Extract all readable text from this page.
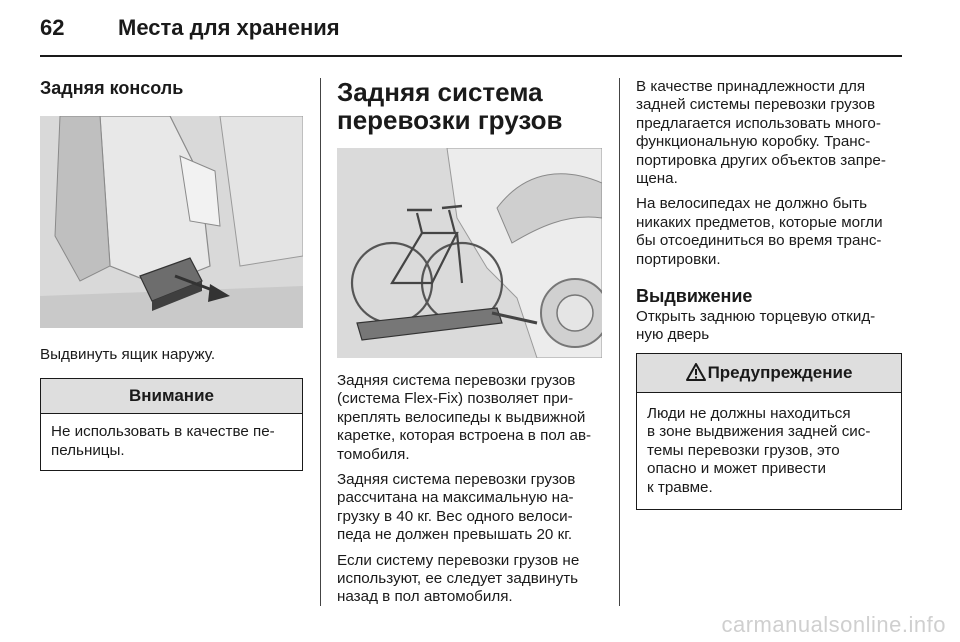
62 Места для хранения
Задняя консоль
Выдвинуть ящик наружу.
Внимание
Не использовать в качестве пе-
пельницы.
Задняя система
перевозки грузов
Задняя система перевозки грузов
(система Flex-Fix) позволяет при-
креплять велосипеды к выдвижной
каретке, которая встроена в пол ав-
томобиля.
Задняя система перевозки грузов
рассчитана на максимальную на-
грузку в 40 кг. Вес одного велоси-
педа не должен превышать 20 кг.
Если систему перевозки грузов не
используют, ее следует задвинуть
назад в пол автомобиля.
В качестве принадлежности для
задней системы перевозки грузов
предлагается использовать много-
функциональную коробку. Транс-
портировка других объектов запре-
щена.
На велосипедах не должно быть
никаких предметов, которые могли
бы отсоединиться во время транс-
портировки.
Выдвижение
Открыть заднюю торцевую откид-
ную дверь
Предупреждение
Люди не должны находиться
в зоне выдвижения задней сис-
темы перевозки грузов, это
опасно и может привести
к травме.
carmanualsonline.info
